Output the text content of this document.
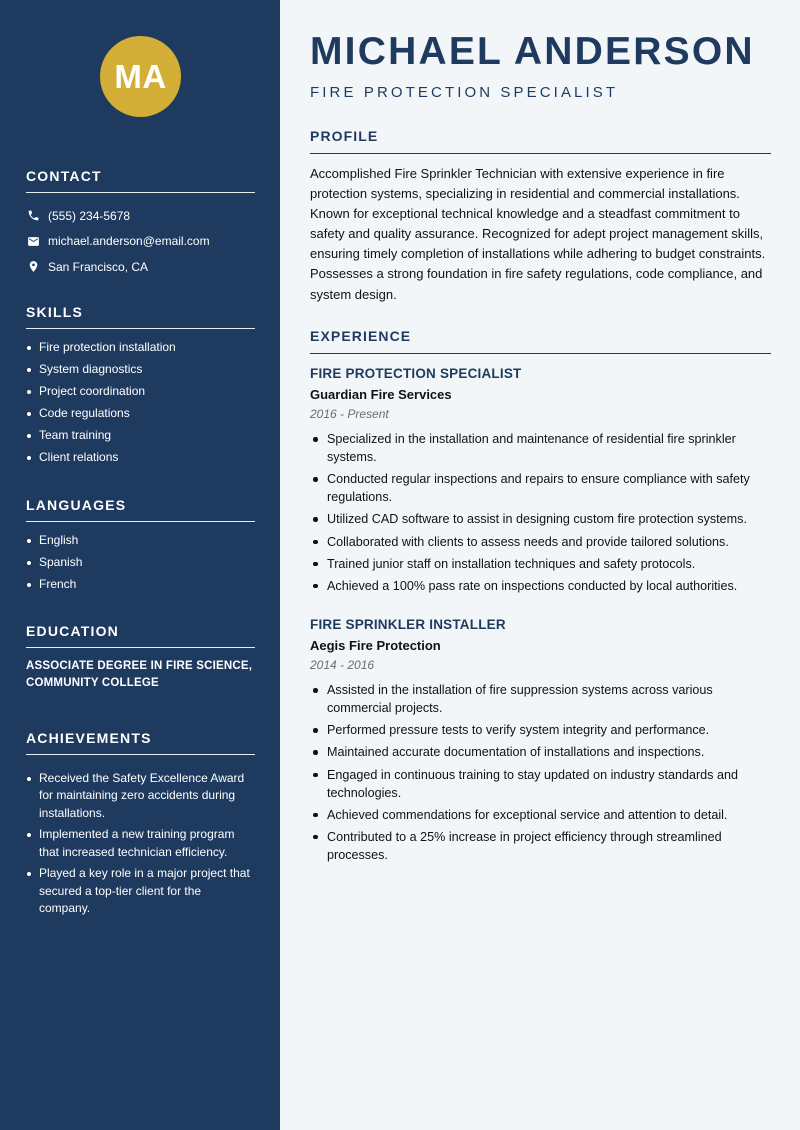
MA
CONTACT
(555) 234-5678
michael.anderson@email.com
San Francisco, CA
SKILLS
Fire protection installation
System diagnostics
Project coordination
Code regulations
Team training
Client relations
LANGUAGES
English
Spanish
French
EDUCATION
ASSOCIATE DEGREE IN FIRE SCIENCE,
COMMUNITY COLLEGE
ACHIEVEMENTS
Received the Safety Excellence Award for maintaining zero accidents during installations.
Implemented a new training program that increased technician efficiency.
Played a key role in a major project that secured a top-tier client for the company.
MICHAEL ANDERSON
FIRE PROTECTION SPECIALIST
PROFILE

Accomplished Fire Sprinkler Technician with extensive experience in fire protection systems, specializing in residential and commercial installations. Known for exceptional technical knowledge and a steadfast commitment to safety and quality assurance. Recognized for adept project management skills, ensuring timely completion of installations while adhering to budget constraints. Possesses a strong foundation in fire safety regulations, code compliance, and system design.

EXPERIENCE
FIRE PROTECTION SPECIALIST
Guardian Fire Services
2016 - Present
Specialized in the installation and maintenance of residential fire sprinkler systems.
Conducted regular inspections and repairs to ensure compliance with safety regulations.
Utilized CAD software to assist in designing custom fire protection systems.
Collaborated with clients to assess needs and provide tailored solutions.
Trained junior staff on installation techniques and safety protocols.
Achieved a 100% pass rate on inspections conducted by local authorities.
FIRE SPRINKLER INSTALLER
Aegis Fire Protection
2014 - 2016
Assisted in the installation of fire suppression systems across various commercial projects.
Performed pressure tests to verify system integrity and performance.
Maintained accurate documentation of installations and inspections.
Engaged in continuous training to stay updated on industry standards and technologies.
Achieved commendations for exceptional service and attention to detail.
Contributed to a 25% increase in project efficiency through streamlined processes.
